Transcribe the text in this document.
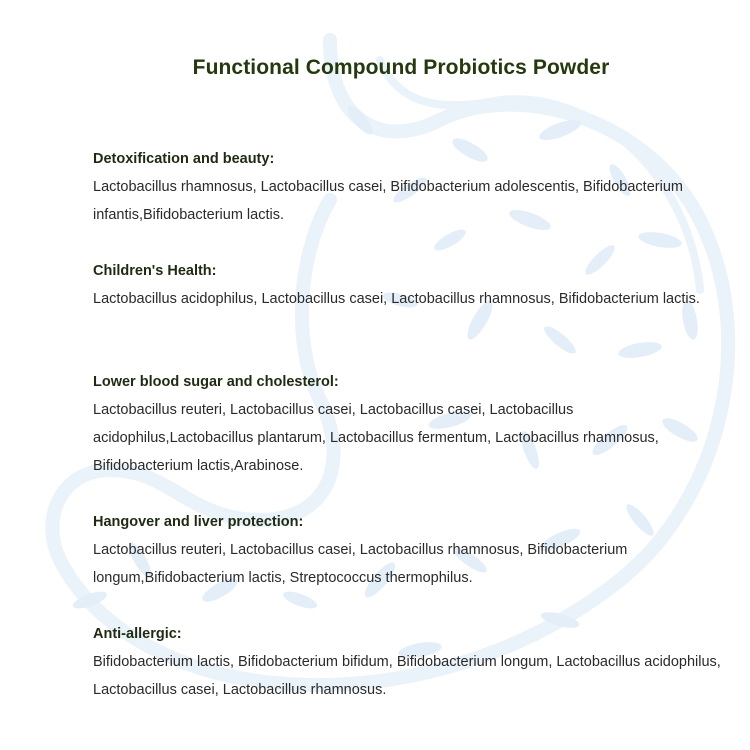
Functional Compound Probiotics Powder

Detoxification and beauty:

Lactobacillus rhamnosus, Lactobacillus casei, Bifidobacterium adolescentis, Bifidobacterium infantis,Bifidobacterium lactis.

Children's Health:

Lactobacillus acidophilus, Lactobacillus casei, Lactobacillus rhamnosus, Bifidobacterium lactis.

Lower blood sugar and cholesterol:

Lactobacillus reuteri, Lactobacillus casei, Lactobacillus casei, Lactobacillus acidophilus,Lactobacillus plantarum, Lactobacillus fermentum, Lactobacillus rhamnosus, Bifidobacterium lactis,Arabinose.

Hangover and liver protection:

Lactobacillus reuteri, Lactobacillus casei, Lactobacillus rhamnosus, Bifidobacterium longum,Bifidobacterium lactis, Streptococcus thermophilus.

Anti-allergic:

Bifidobacterium lactis, Bifidobacterium bifidum, Bifidobacterium longum, Lactobacillus acidophilus, Lactobacillus casei, Lactobacillus rhamnosus.
